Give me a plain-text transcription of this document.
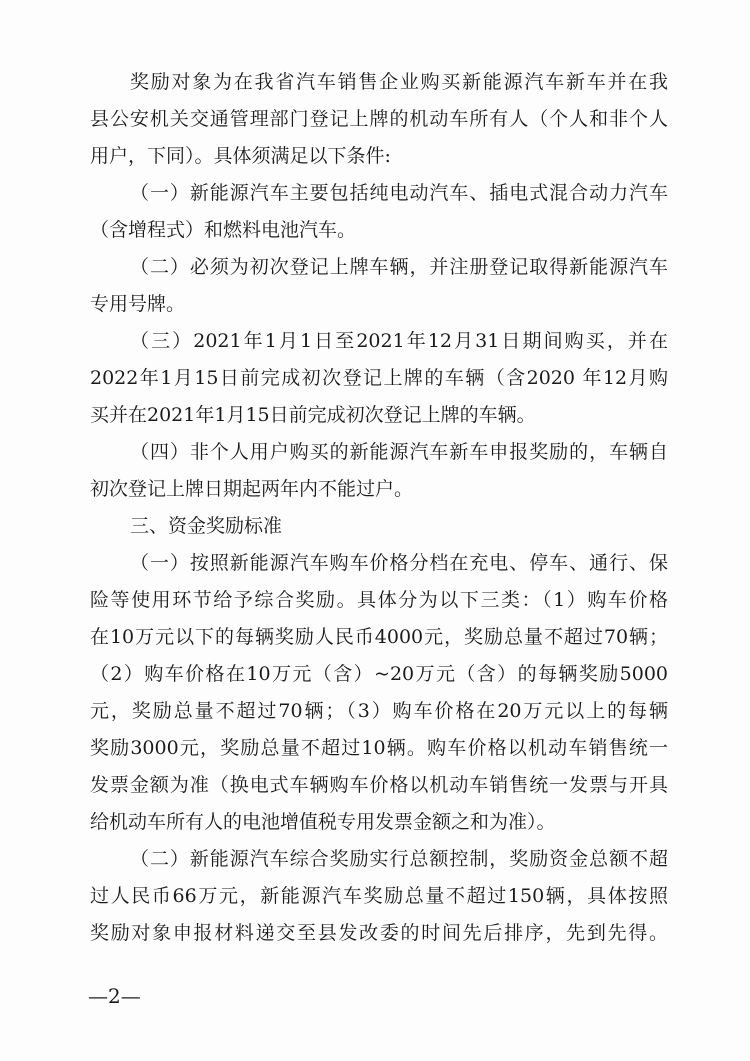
奖励对象为在我省汽车销售企业购买新能源汽车新车并在我
县公安机关交通管理部门登记上牌的机动车所有人（个人和非个人
用户，下同）。具体须满足以下条件:
（一）新能源汽车主要包括纯电动汽车、插电式混合动力汽车
（含增程式）和燃料电池汽车。
（二）必须为初次登记上牌车辆，并注册登记取得新能源汽车
专用号牌。
（三）2021年1月1日至2021年12月31日期间购买，并在
2022年1月15日前完成初次登记上牌的车辆（含2020 年12月购
买并在2021年1月15日前完成初次登记上牌的车辆。
（四）非个人用户购买的新能源汽车新车申报奖励的，车辆自
初次登记上牌日期起两年内不能过户。
三、资金奖励标准
（一）按照新能源汽车购车价格分档在充电、停车、通行、保
险等使用环节给予综合奖励。具体分为以下三类：（1）购车价格
在10万元以下的每辆奖励人民币4000元，奖励总量不超过70辆；
（2）购车价格在10万元（含）~20万元（含）的每辆奖励5000
元，奖励总量不超过70辆；（3）购车价格在20万元以上的每辆
奖励3000元，奖励总量不超过10辆。购车价格以机动车销售统一
发票金额为准（换电式车辆购车价格以机动车销售统一发票与开具
给机动车所有人的电池增值税专用发票金额之和为准）。
（二）新能源汽车综合奖励实行总额控制，奖励资金总额不超
过人民币66万元，新能源汽车奖励总量不超过150辆，具体按照
奖励对象申报材料递交至县发改委的时间先后排序，先到先得。
—2—
